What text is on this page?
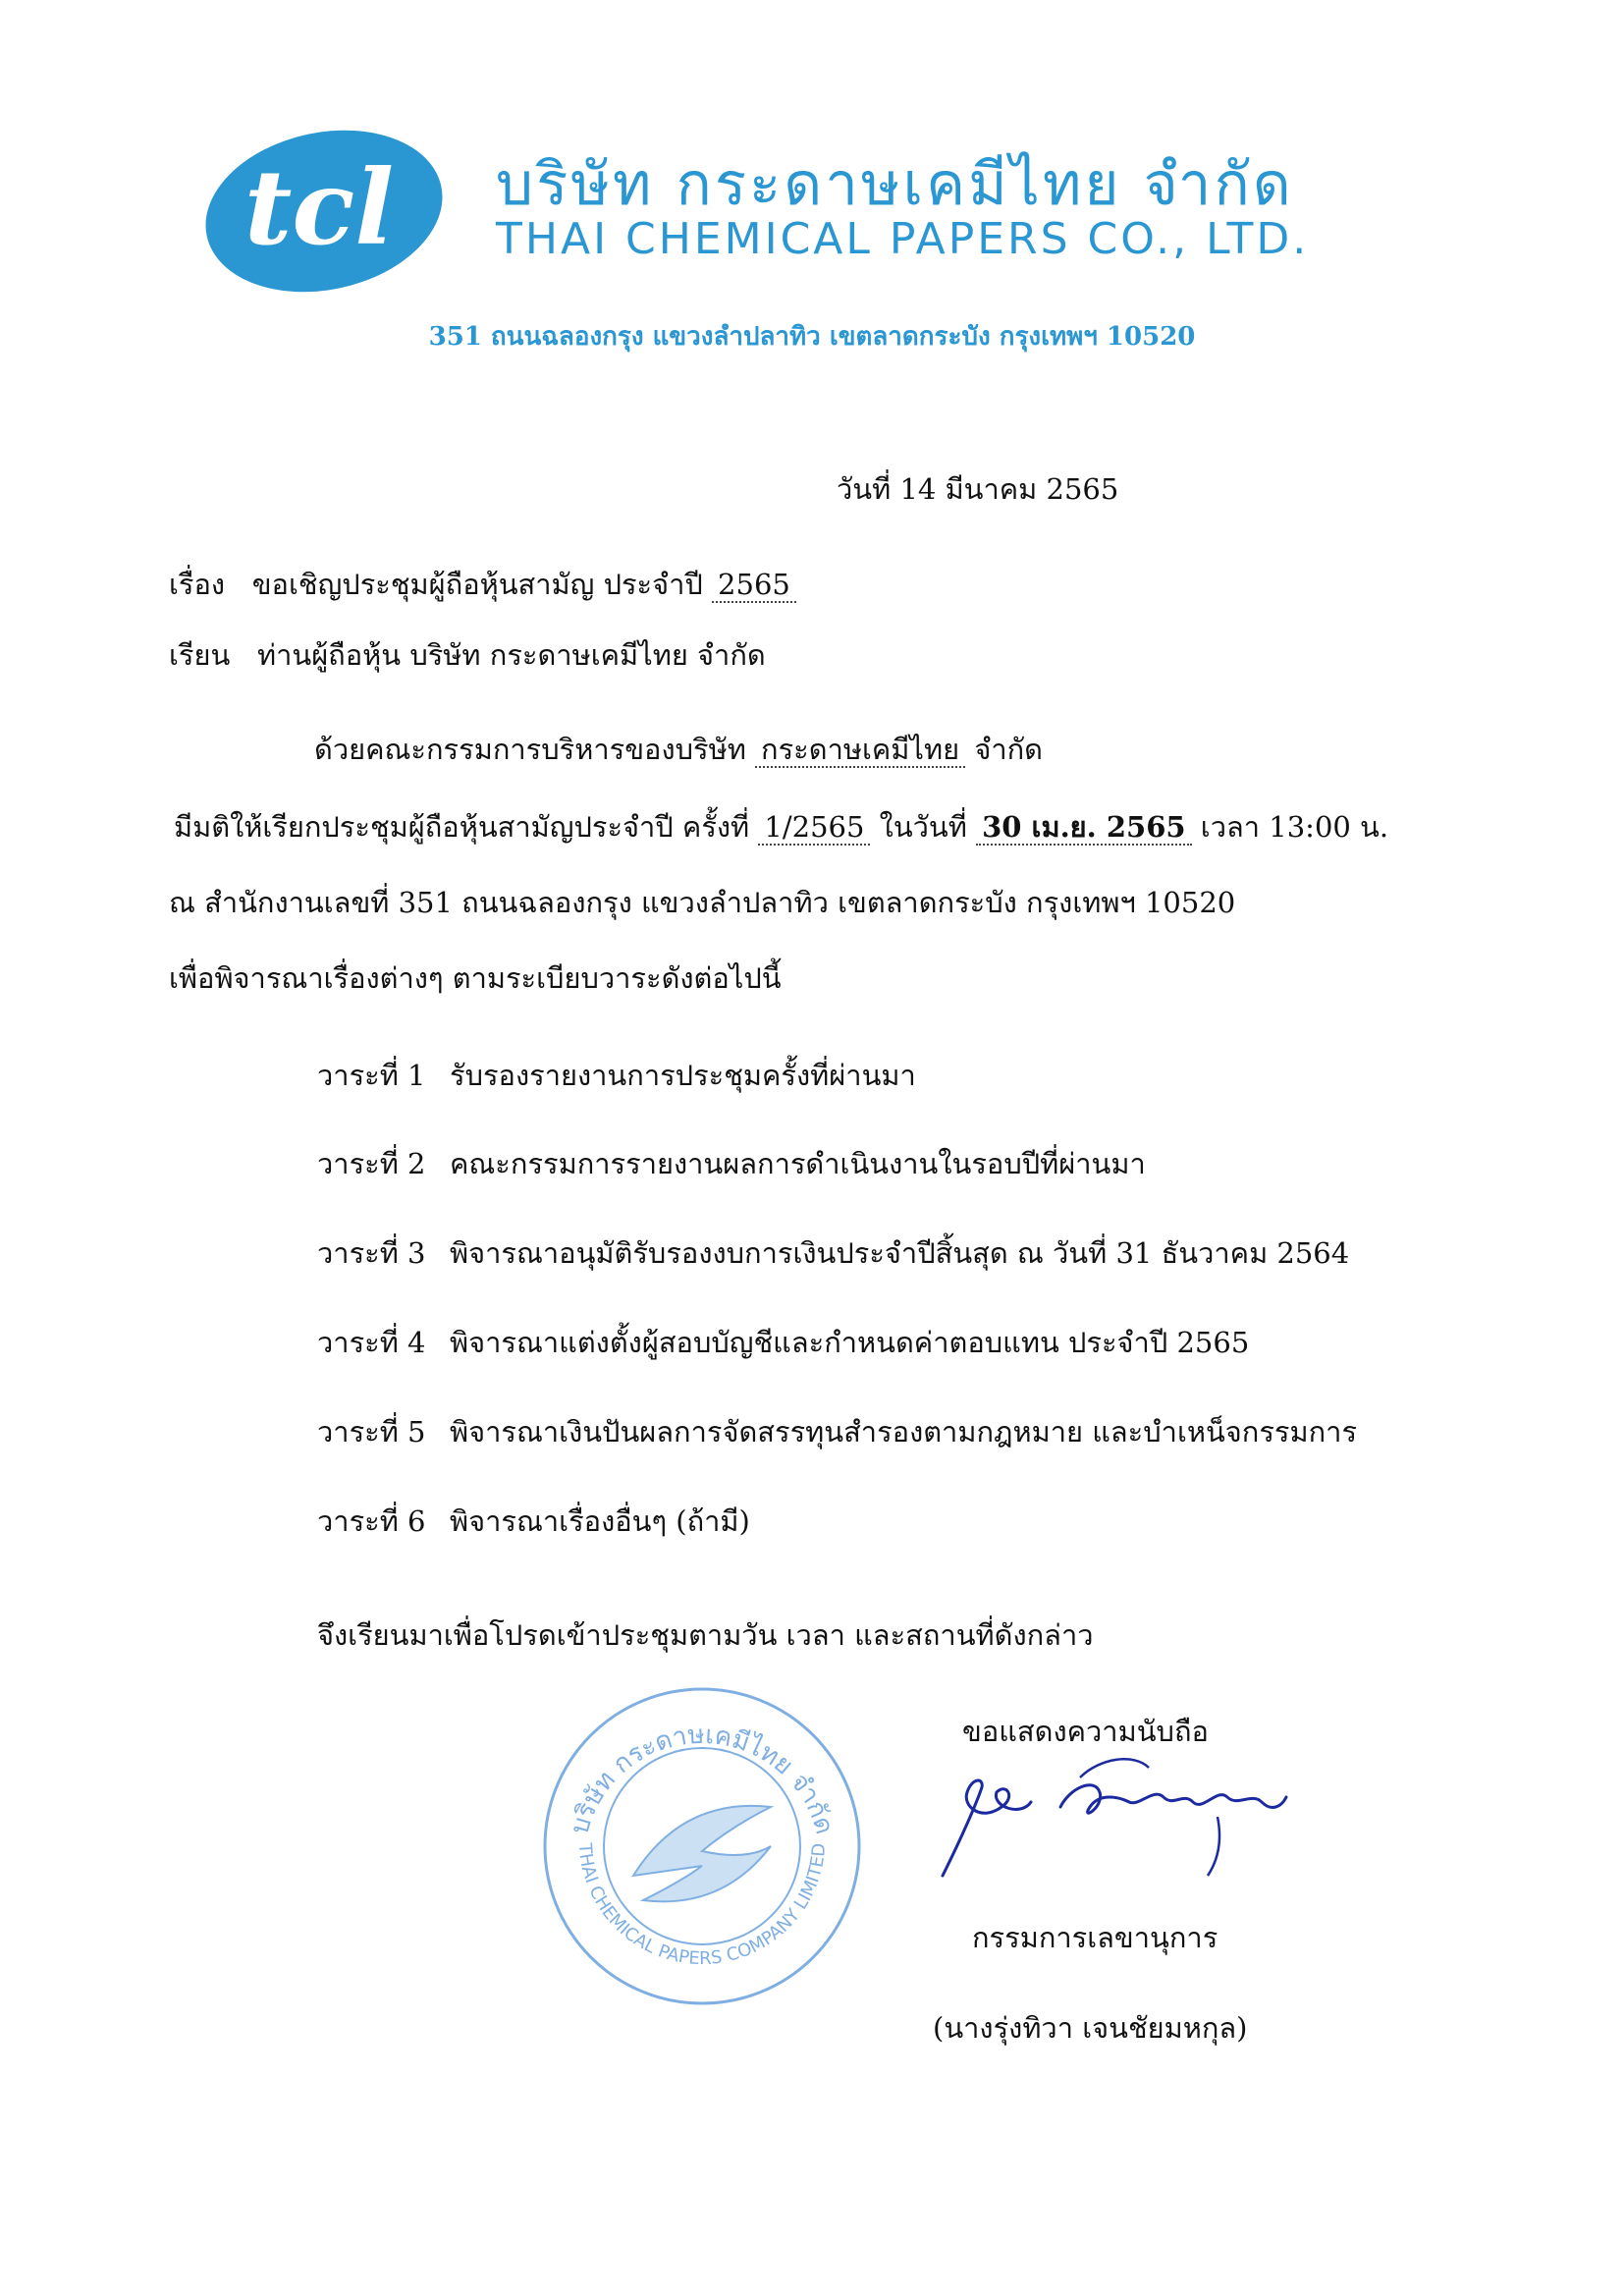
tcl บริษัท กระดาษเคมีไทย จำกัด
THAI CHEMICAL PAPERS CO., LTD.
351 ถนนฉลองกรุง แขวงลำปลาทิว เขตลาดกระบัง กรุงเทพฯ 10520
วันที่ 14 มีนาคม 2565
เรื่อง ขอเชิญประชุมผู้ถือหุ้นสามัญ ประจำปี 2565
เรียน ท่านผู้ถือหุ้น บริษัท กระดาษเคมีไทย จำกัด
ด้วยคณะกรรมการบริหารของบริษัท กระดาษเคมีไทย จำกัด
มีมติให้เรียกประชุมผู้ถือหุ้นสามัญประจำปี ครั้งที่ 1/2565 ในวันที่ 30 เม.ย. 2565 เวลา 13:00 น.
ณ สำนักงานเลขที่ 351 ถนนฉลองกรุง แขวงลำปลาทิว เขตลาดกระบัง กรุงเทพฯ 10520
เพื่อพิจารณาเรื่องต่างๆ ตามระเบียบวาระดังต่อไปนี้
วาระที่ 1 รับรองรายงานการประชุมครั้งที่ผ่านมา
วาระที่ 2 คณะกรรมการรายงานผลการดำเนินงานในรอบปีที่ผ่านมา
วาระที่ 3 พิจารณาอนุมัติรับรองงบการเงินประจำปีสิ้นสุด ณ วันที่ 31 ธันวาคม 2564
วาระที่ 4 พิจารณาแต่งตั้งผู้สอบบัญชีและกำหนดค่าตอบแทน ประจำปี 2565
วาระที่ 5 พิจารณาเงินปันผลการจัดสรรทุนสำรองตามกฎหมาย และบำเหน็จกรรมการ
วาระที่ 6 พิจารณาเรื่องอื่นๆ (ถ้ามี)
จึงเรียนมาเพื่อโปรดเข้าประชุมตามวัน เวลา และสถานที่ดังกล่าว
ขอแสดงความนับถือ
บริษัท กระดาษเคมีไทย จำกัด
THAI CHEMICAL PAPERS COMPANY LIMITED
กรรมการเลขานุการ
(นางรุ่งทิวา เจนชัยมหกุล)
